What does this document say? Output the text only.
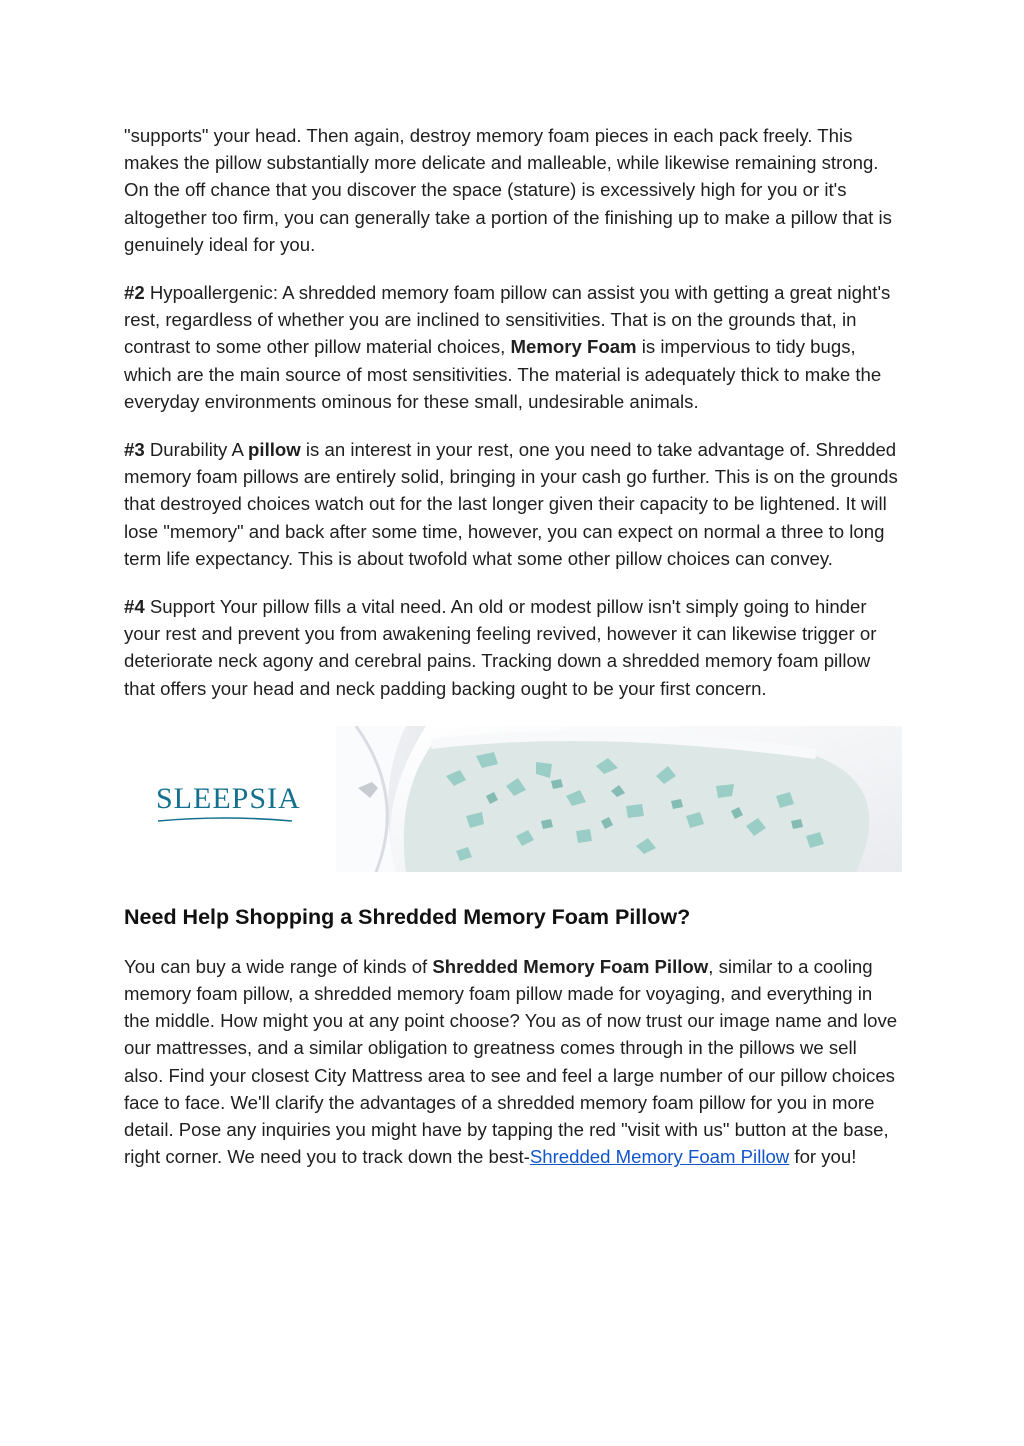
"supports" your head. Then again, destroy memory foam pieces in each pack freely. This makes the pillow substantially more delicate and malleable, while likewise remaining strong. On the off chance that you discover the space (stature) is excessively high for you or it's altogether too firm, you can generally take a portion of the finishing up to make a pillow that is genuinely ideal for you.

#2 Hypoallergenic: A shredded memory foam pillow can assist you with getting a great night's rest, regardless of whether you are inclined to sensitivities. That is on the grounds that, in contrast to some other pillow material choices, Memory Foam is impervious to tidy bugs, which are the main source of most sensitivities. The material is adequately thick to make the everyday environments ominous for these small, undesirable animals.

#3 Durability A pillow is an interest in your rest, one you need to take advantage of. Shredded memory foam pillows are entirely solid, bringing in your cash go further. This is on the grounds that destroyed choices watch out for the last longer given their capacity to be lightened. It will lose "memory" and back after some time, however, you can expect on normal a three to long term life expectancy. This is about twofold what some other pillow choices can convey.

#4 Support Your pillow fills a vital need. An old or modest pillow isn't simply going to hinder your rest and prevent you from awakening feeling revived, however it can likewise trigger or deteriorate neck agony and cerebral pains. Tracking down a shredded memory foam pillow that offers your head and neck padding backing ought to be your first concern.

SLEEPSIA
Need Help Shopping a Shredded Memory Foam Pillow?

You can buy a wide range of kinds of Shredded Memory Foam Pillow, similar to a cooling memory foam pillow, a shredded memory foam pillow made for voyaging, and everything in the middle. How might you at any point choose? You as of now trust our image name and love our mattresses, and a similar obligation to greatness comes through in the pillows we sell also. Find your closest City Mattress area to see and feel a large number of our pillow choices face to face. We'll clarify the advantages of a shredded memory foam pillow for you in more detail. Pose any inquiries you might have by tapping the red "visit with us" button at the base, right corner. We need you to track down the best-Shredded Memory Foam Pillow for you!
